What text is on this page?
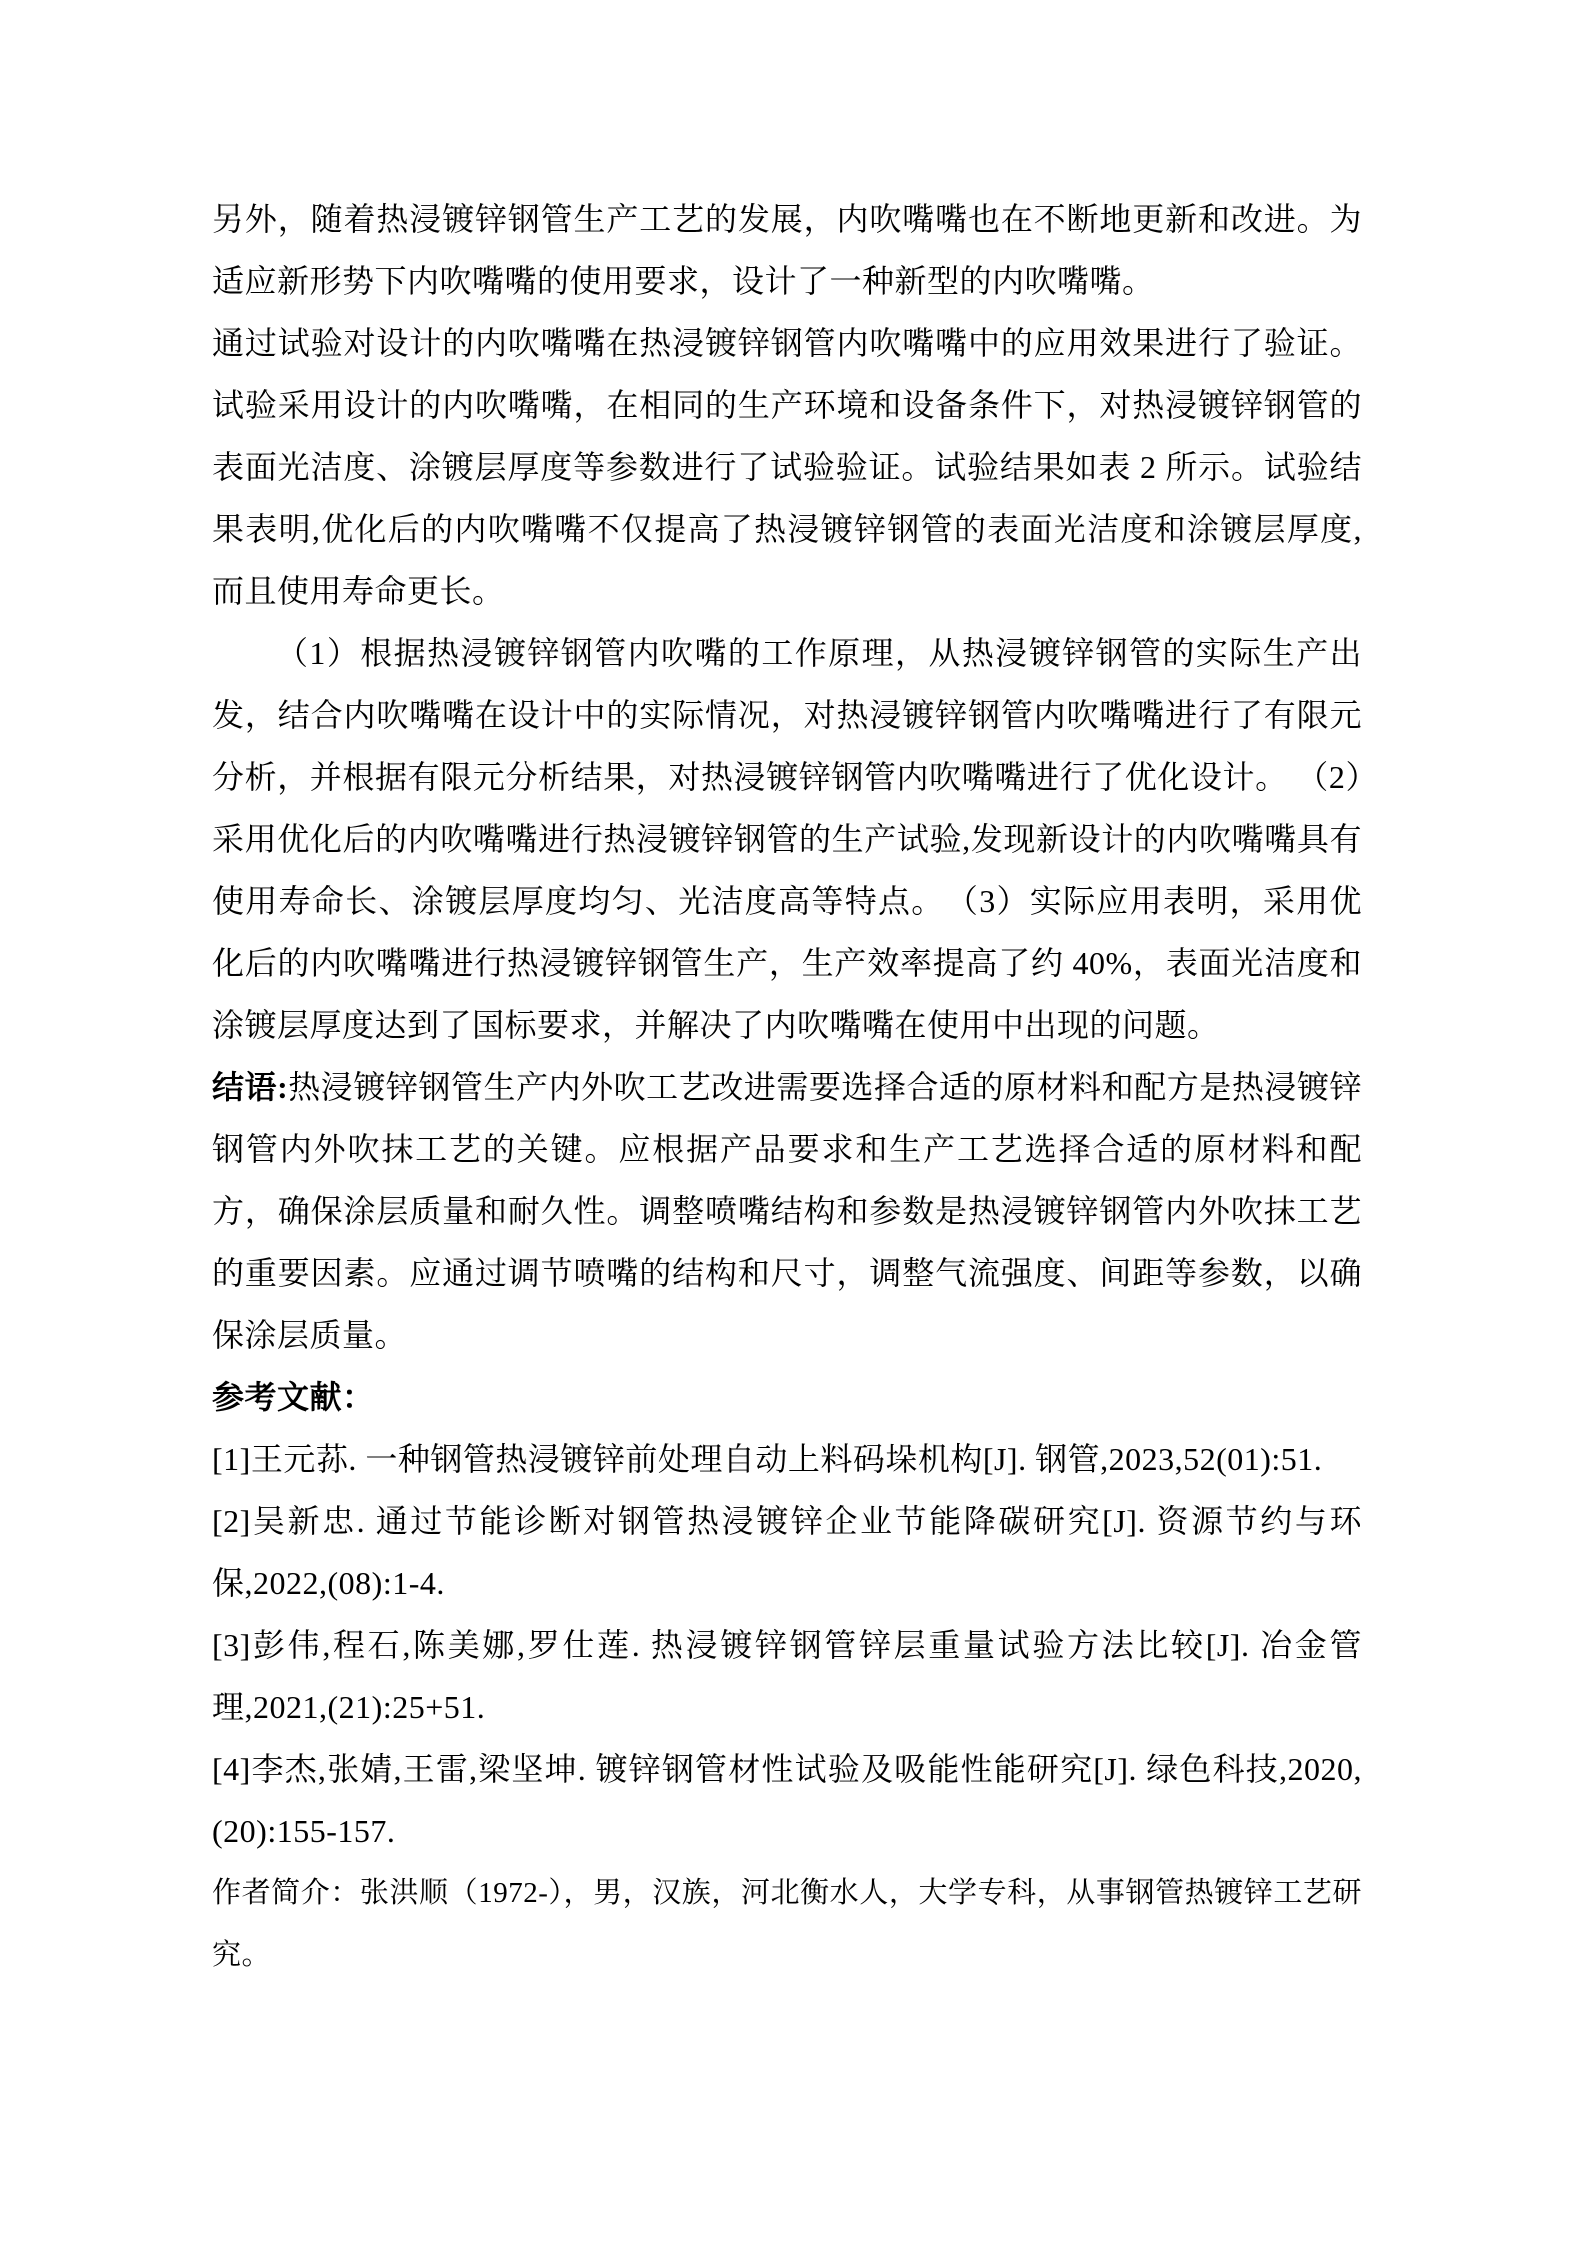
另外，随着热浸镀锌钢管生产工艺的发展，内吹嘴嘴也在不断地更新和改进。为适应新形势下内吹嘴嘴的使用要求，设计了一种新型的内吹嘴嘴。

通过试验对设计的内吹嘴嘴在热浸镀锌钢管内吹嘴嘴中的应用效果进行了验证。试验采用设计的内吹嘴嘴，在相同的生产环境和设备条件下，对热浸镀锌钢管的表面光洁度、涂镀层厚度等参数进行了试验验证。试验结果如表 2 所示。试验结果表明,优化后的内吹嘴嘴不仅提高了热浸镀锌钢管的表面光洁度和涂镀层厚度,而且使用寿命更长。

（1）根据热浸镀锌钢管内吹嘴的工作原理，从热浸镀锌钢管的实际生产出发，结合内吹嘴嘴在设计中的实际情况，对热浸镀锌钢管内吹嘴嘴进行了有限元分析，并根据有限元分析结果，对热浸镀锌钢管内吹嘴嘴进行了优化设计。 （2）采用优化后的内吹嘴嘴进行热浸镀锌钢管的生产试验,发现新设计的内吹嘴嘴具有使用寿命长、涂镀层厚度均匀、光洁度高等特点。　（3）实际应用表明，采用优化后的内吹嘴嘴进行热浸镀锌钢管生产，生产效率提高了约 40%，表面光洁度和涂镀层厚度达到了国标要求，并解决了内吹嘴嘴在使用中出现的问题。

结语:热浸镀锌钢管生产内外吹工艺改进需要选择合适的原材料和配方是热浸镀锌钢管内外吹抹工艺的关键。应根据产品要求和生产工艺选择合适的原材料和配方，确保涂层质量和耐久性。调整喷嘴结构和参数是热浸镀锌钢管内外吹抹工艺的重要因素。应通过调节喷嘴的结构和尺寸，调整气流强度、间距等参数，以确保涂层质量。

参考文献：

[1]王元荪. 一种钢管热浸镀锌前处理自动上料码垛机构[J]. 钢管,2023,52(01):51.

[2]吴新忠. 通过节能诊断对钢管热浸镀锌企业节能降碳研究[J]. 资源节约与环保,2022,(08):1-4.

[3]彭伟,程石,陈美娜,罗仕莲. 热浸镀锌钢管锌层重量试验方法比较[J]. 冶金管理,2021,(21):25+51.

[4]李杰,张婧,王雷,梁坚坤. 镀锌钢管材性试验及吸能性能研究[J]. 绿色科技,2020,(20):155-157.

作者简介：张洪顺（1972-），男，汉族，河北衡水人，大学专科，从事钢管热镀锌工艺研究。
